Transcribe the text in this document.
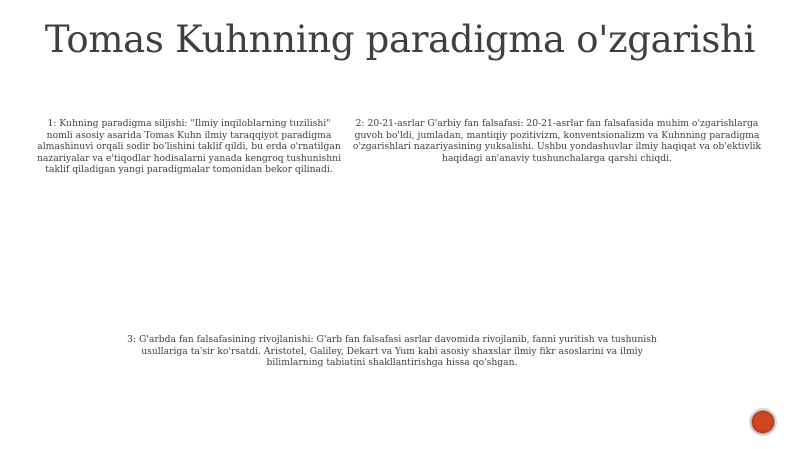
Tomas Kuhnning paradigma o'zgarishi

1: Kuhning paradigma siljishi: "Ilmiy inqiloblarning tuzilishi" nomli asosiy asarida Tomas Kuhn ilmiy taraqqiyot paradigma almashinuvi orqali sodir bo'lishini taklif qildi, bu erda o'rnatilgan nazariyalar va e'tiqodlar hodisalarni yanada kengroq tushunishni taklif qiladigan yangi paradigmalar tomonidan bekor qilinadi.

2: 20-21-asrlar G'arbiy fan falsafasi: 20-21-asrlar fan falsafasida muhim o'zgarishlarga guvoh bo'ldi, jumladan, mantiqiy pozitivizm, konventsionalizm va Kuhnning paradigma o'zgarishlari nazariyasining yuksalishi. Ushbu yondashuvlar ilmiy haqiqat va ob'ektivlik haqidagi an'anaviy tushunchalarga qarshi chiqdi.

3: G'arbda fan falsafasining rivojlanishi: G'arb fan falsafasi asrlar davomida rivojlanib, fanni yuritish va tushunish usullariga ta'sir ko'rsatdi. Aristotel, Galiley, Dekart va Yum kabi asosiy shaxslar ilmiy fikr asoslarini va ilmiy bilimlarning tabiatini shakllantirishga hissa qo'shgan.
